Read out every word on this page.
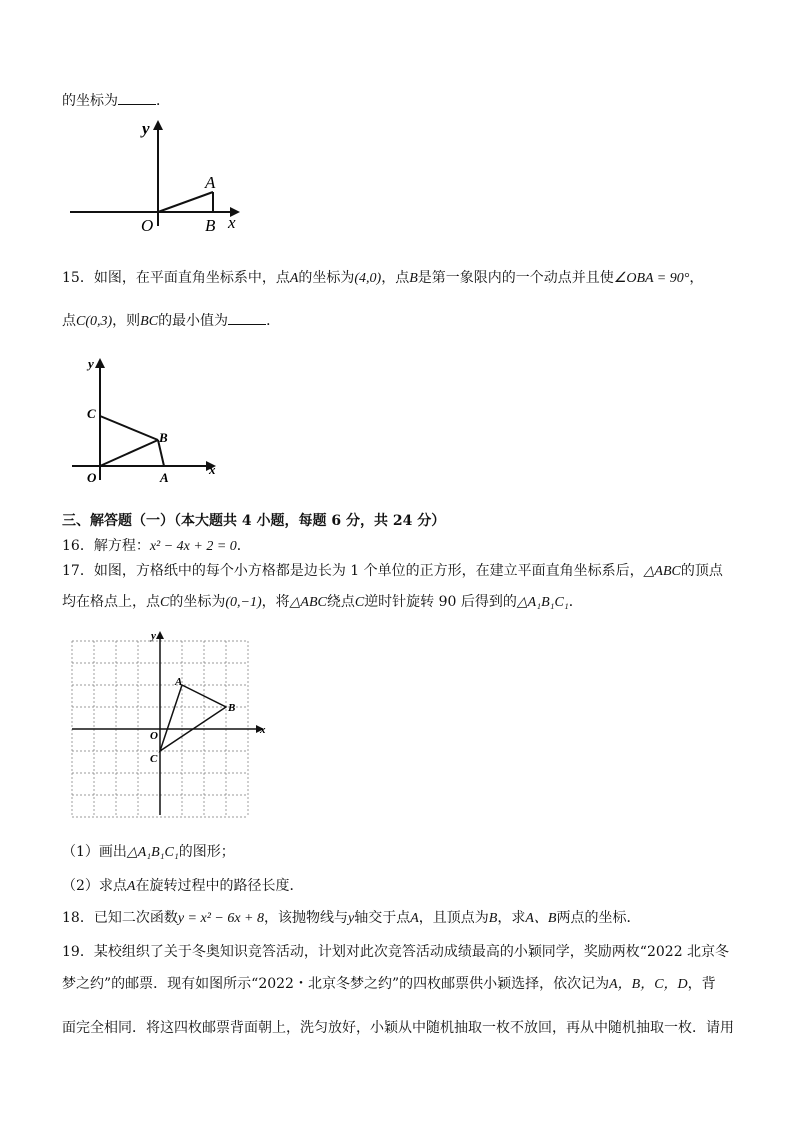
的坐标为	．
y
A
O	B x
15．如图，在平面直角坐标系中，点A的坐标为(4,0)，点B是第一象限内的一个动点并且使∠OBA = 90°，
点C(0,3)，则BC的最小值为	．
y
C
B
O	A
x
三、解答题（一）（本大题共 4 小题，每题 6 分，共 24 分）
16．解方程：x² − 4x + 2 = 0．
17．如图，方格纸中的每个小方格都是边长为 1 个单位的正方形，在建立平面直角坐标系后，△ABC的顶点
均在格点上，点C的坐标为(0,−1)，将△ABC绕点C逆时针旋转 90 后得到的△A₁B₁C₁．
y
A
B
O
C
x
（1）画出△A₁B₁C₁的图形；
（2）求点A在旋转过程中的路径长度．
18．已知二次函数y = x² − 6x + 8，该抛物线与y轴交于点A，且顶点为B，求A、B两点的坐标．
19．某校组织了关于冬奥知识竞答活动，计划对此次竞答活动成绩最高的小颖同学，奖励两枚“2022 北京冬
梦之约”的邮票．现有如图所示“2022・北京冬梦之约”的四枚邮票供小颖选择，依次记为A，B，C，D，背
面完全相同．将这四枚邮票背面朝上，洗匀放好，小颖从中随机抽取一枚不放回，再从中随机抽取一枚．请用
